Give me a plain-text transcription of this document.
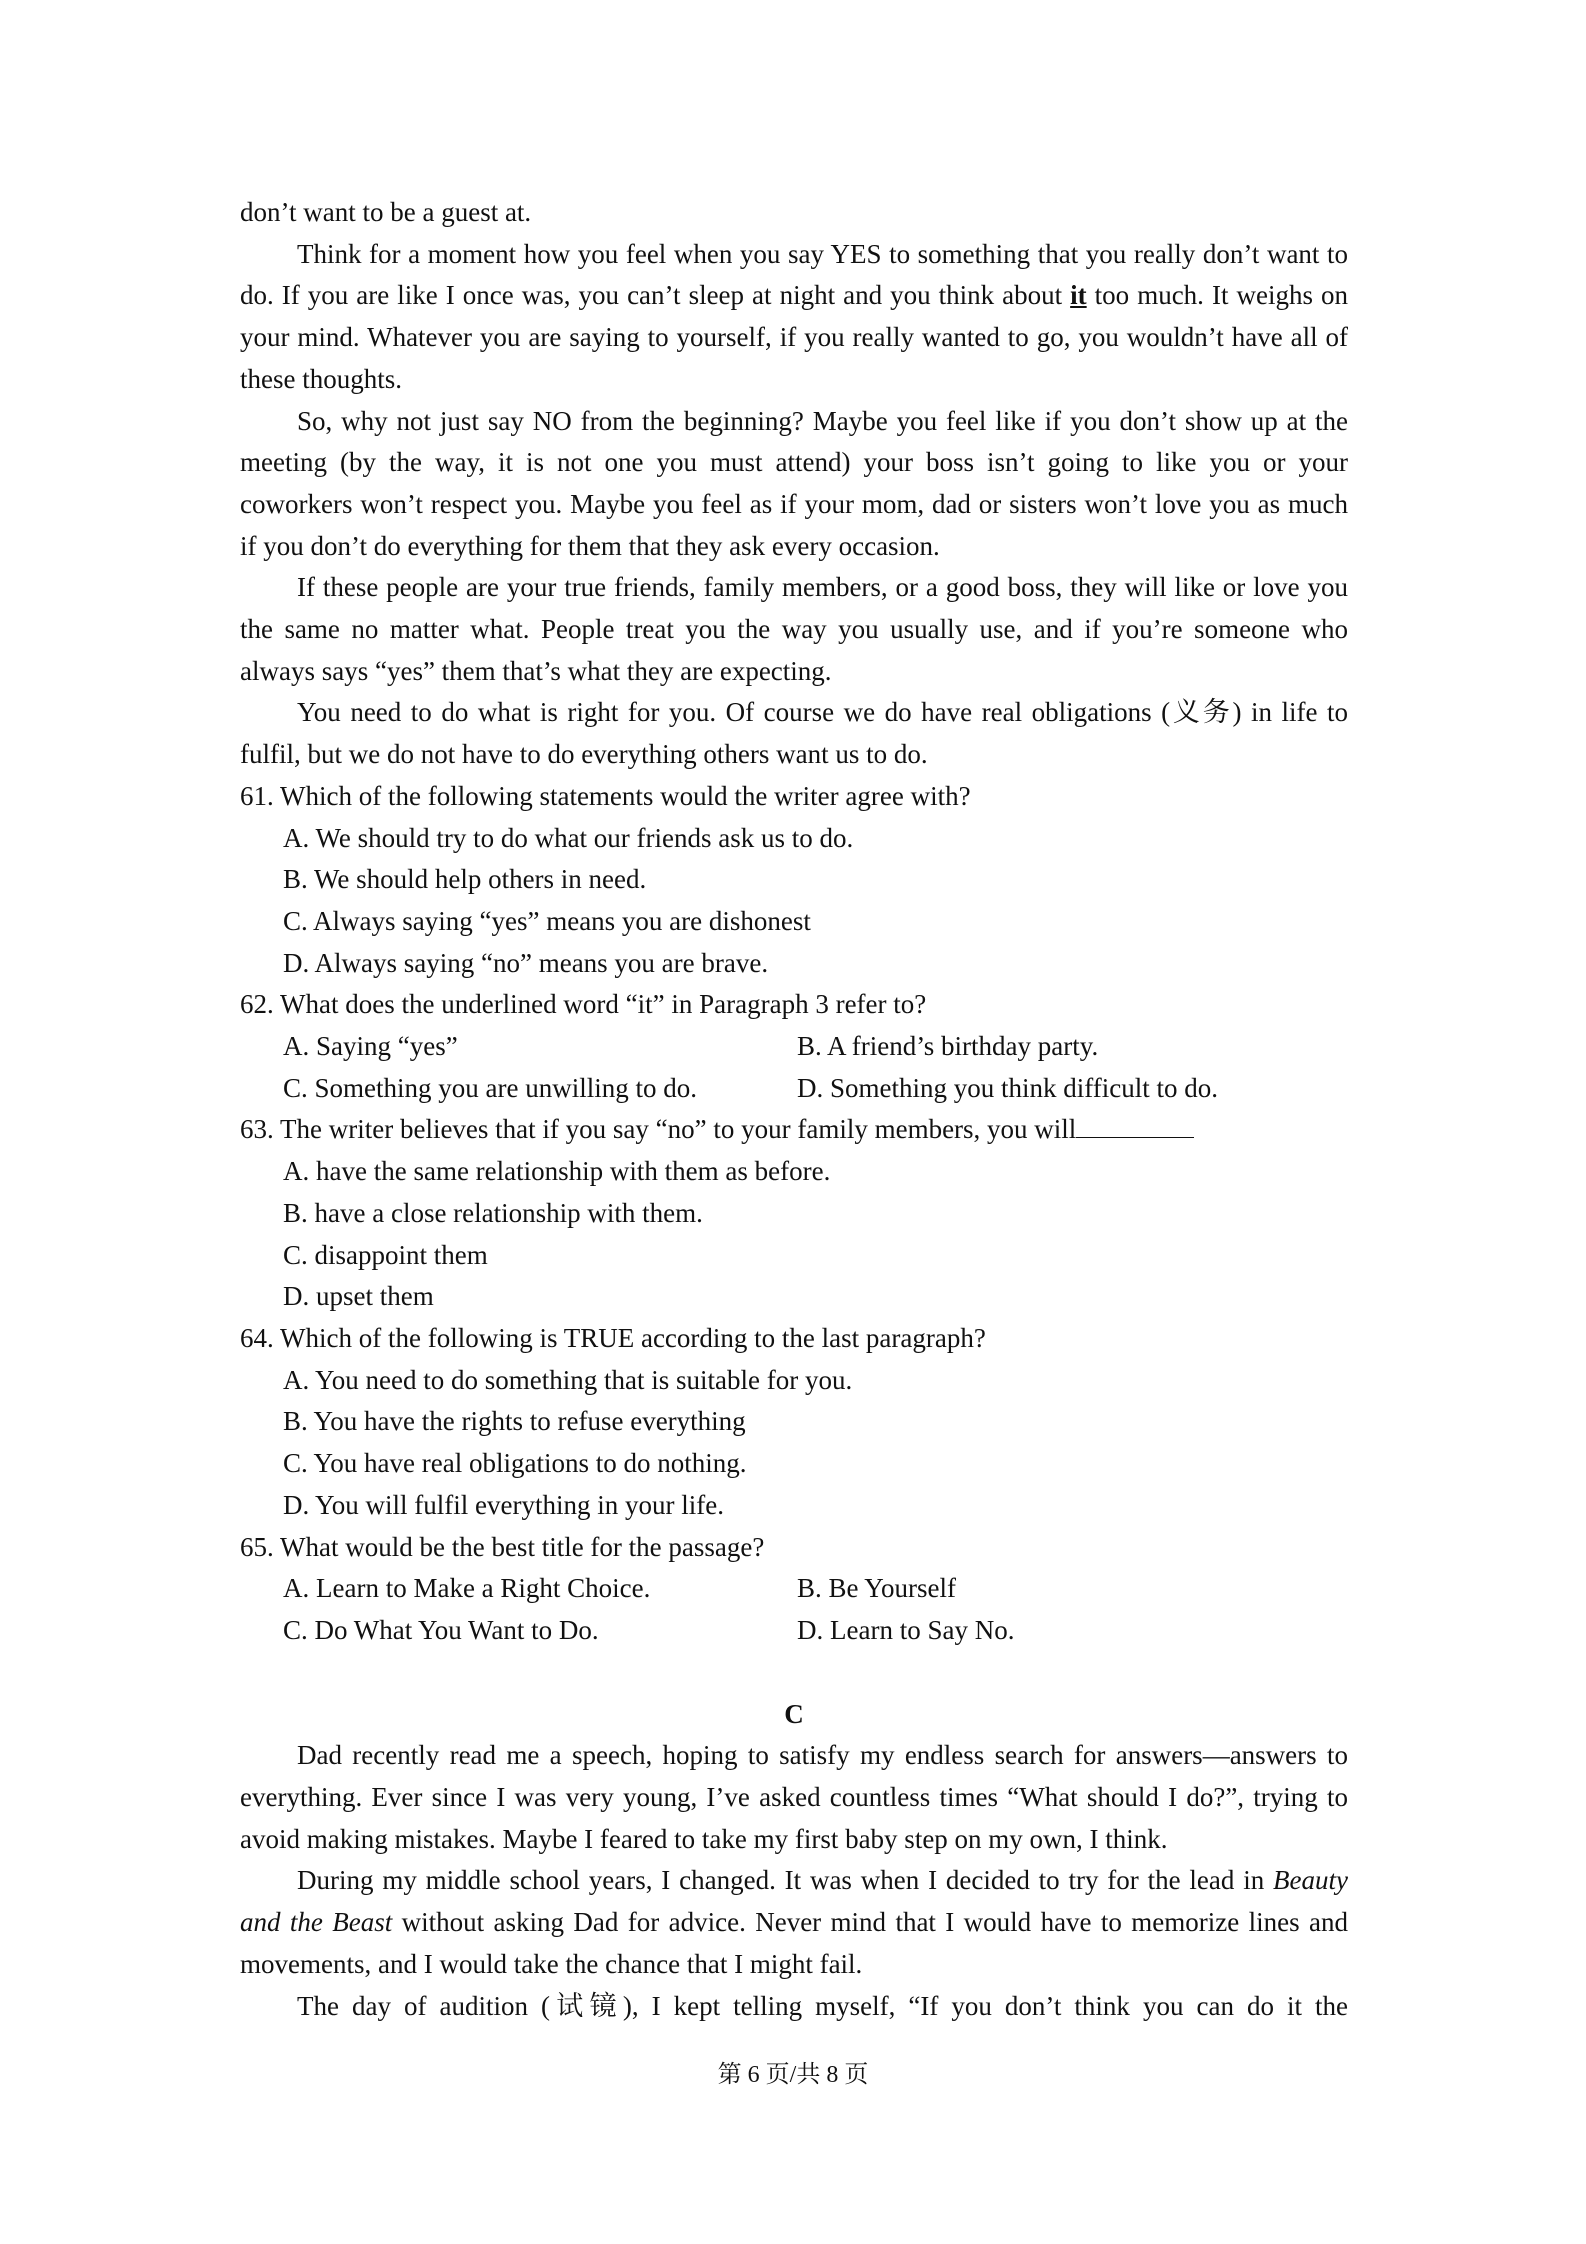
don’t want to be a guest at.

Think for a moment how you feel when you say YES to something that you really don’t want to do. If you are like I once was, you can’t sleep at night and you think about it too much. It weighs on your mind. Whatever you are saying to yourself, if you really wanted to go, you wouldn’t have all of these thoughts.

So, why not just say NO from the beginning? Maybe you feel like if you don’t show up at the meeting (by the way, it is not one you must attend) your boss isn’t going to like you or your coworkers won’t respect you. Maybe you feel as if your mom, dad or sisters won’t love you as much if you don’t do everything for them that they ask every occasion.

If these people are your true friends, family members, or a good boss, they will like or love you the same no matter what. People treat you the way you usually use, and if you’re someone who always says “yes” them that’s what they are expecting.

You need to do what is right for you. Of course we do have real obligations (义务) in life to fulfil, but we do not have to do everything others want us to do.

61. Which of the following statements would the writer agree with?

A. We should try to do what our friends ask us to do.

B. We should help others in need.

C. Always saying “yes” means you are dishonest

D. Always saying “no” means you are brave.

62. What does the underlined word “it” in Paragraph 3 refer to?

A. Saying “yes”	B. A friend’s birthday party.
C. Something you are unwilling to do.	D. Something you think difficult to do.

63. The writer believes that if you say “no” to your family members, you will

A. have the same relationship with them as before.

B. have a close relationship with them.

C. disappoint them

D. upset them

64. Which of the following is TRUE according to the last paragraph?

A. You need to do something that is suitable for you.

B. You have the rights to refuse everything

C. You have real obligations to do nothing.

D. You will fulfil everything in your life.

65. What would be the best title for the passage?

A. Learn to Make a Right Choice.	B. Be Yourself
C. Do What You Want to Do.	D. Learn to Say No.

C

Dad recently read me a speech, hoping to satisfy my endless search for answers—answers to everything. Ever since I was very young, I’ve asked countless times “What should I do?”, trying to avoid making mistakes. Maybe I feared to take my first baby step on my own, I think.

During my middle school years, I changed. It was when I decided to try for the lead in Beauty and the Beast without asking Dad for advice. Never mind that I would have to memorize lines and movements, and I would take the chance that I might fail.

The day of audition (试镜), I kept telling myself, “If you don’t think you can do it the

第 6 页/共 8 页
